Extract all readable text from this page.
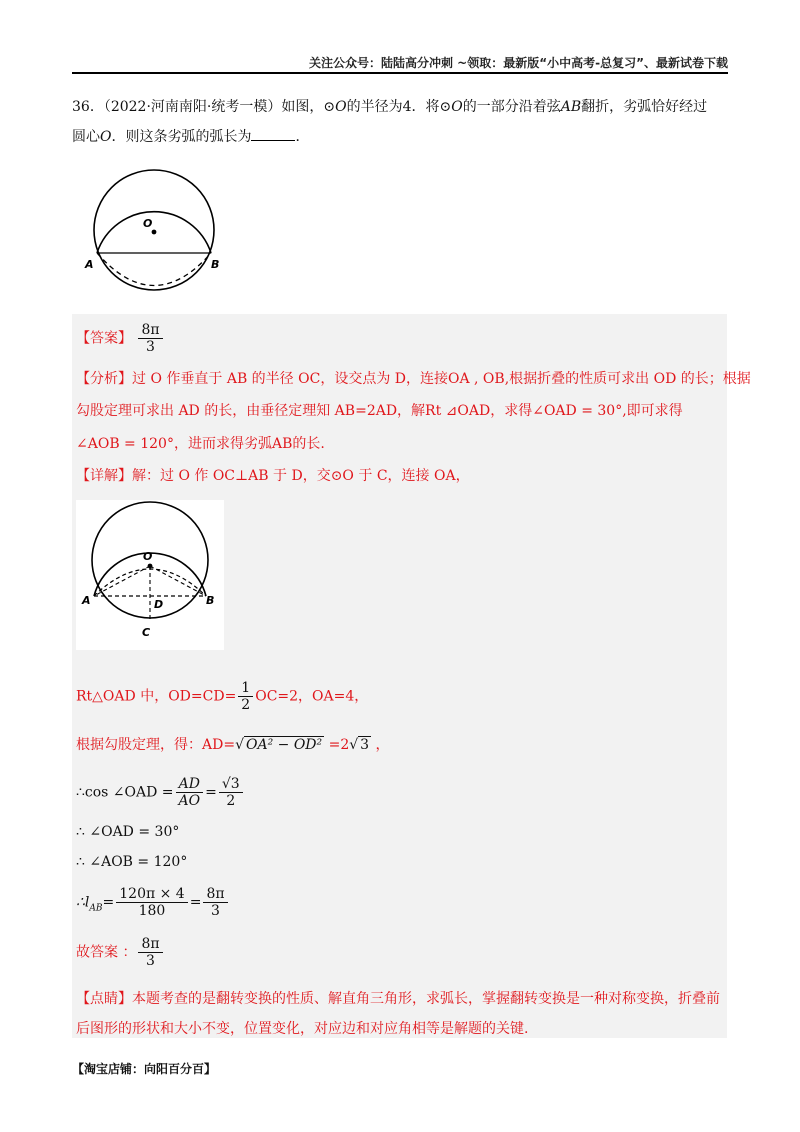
关注公众号：陆陆高分冲刺 ~领取：最新版“小中高考-总复习”、最新试卷下载
36．（2022·河南南阳·统考一模）如图，⊙O的半径为4．将⊙O的一部分沿着弦AB翻折，劣弧恰好经过
圆心O．则这条劣弧的弧长为	．
O
A	B
【答案】 $\frac{8\pi}{3}$
【分析】过 O 作垂直于 AB 的半径 OC，设交点为 D，连接OA , OB,根据折叠的性质可求出 OD 的长；根据
勾股定理可求出 AD 的长，由垂径定理知 AB=2AD，解Rt ⊿OAD，求得∠OAD = 30°,即可求得
∠AOB = 120°，进而求得劣弧AB的长.
【详解】解：过 O 作 OC⊥AB 于 D，交⊙O 于 C，连接 OA，
O
A	B
D
C
Rt△OAD 中，$OD=CD= \frac{1}{2} OC=2$，OA=4，
根据勾股定理，得：AD=√ OA² − OD² =2√ 3 ，
∴cos ∠OAD = $\frac{AD}{AO} = \frac{√3}{2}$
∴ ∠OAD = 30°
∴ ∠AOB = 120°
$\therefore l_{AB}= \frac{120\pi \times 4}{180} = \frac{8\pi}{3}$
故答案 ： $\frac{8\pi}{3}$
【点睛】本题考查的是翻转变换的性质、解直角三角形，求弧长，掌握翻转变换是一种对称变换，折叠前
后图形的形状和大小不变，位置变化，对应边和对应角相等是解题的关键.
【淘宝店铺：向阳百分百】
